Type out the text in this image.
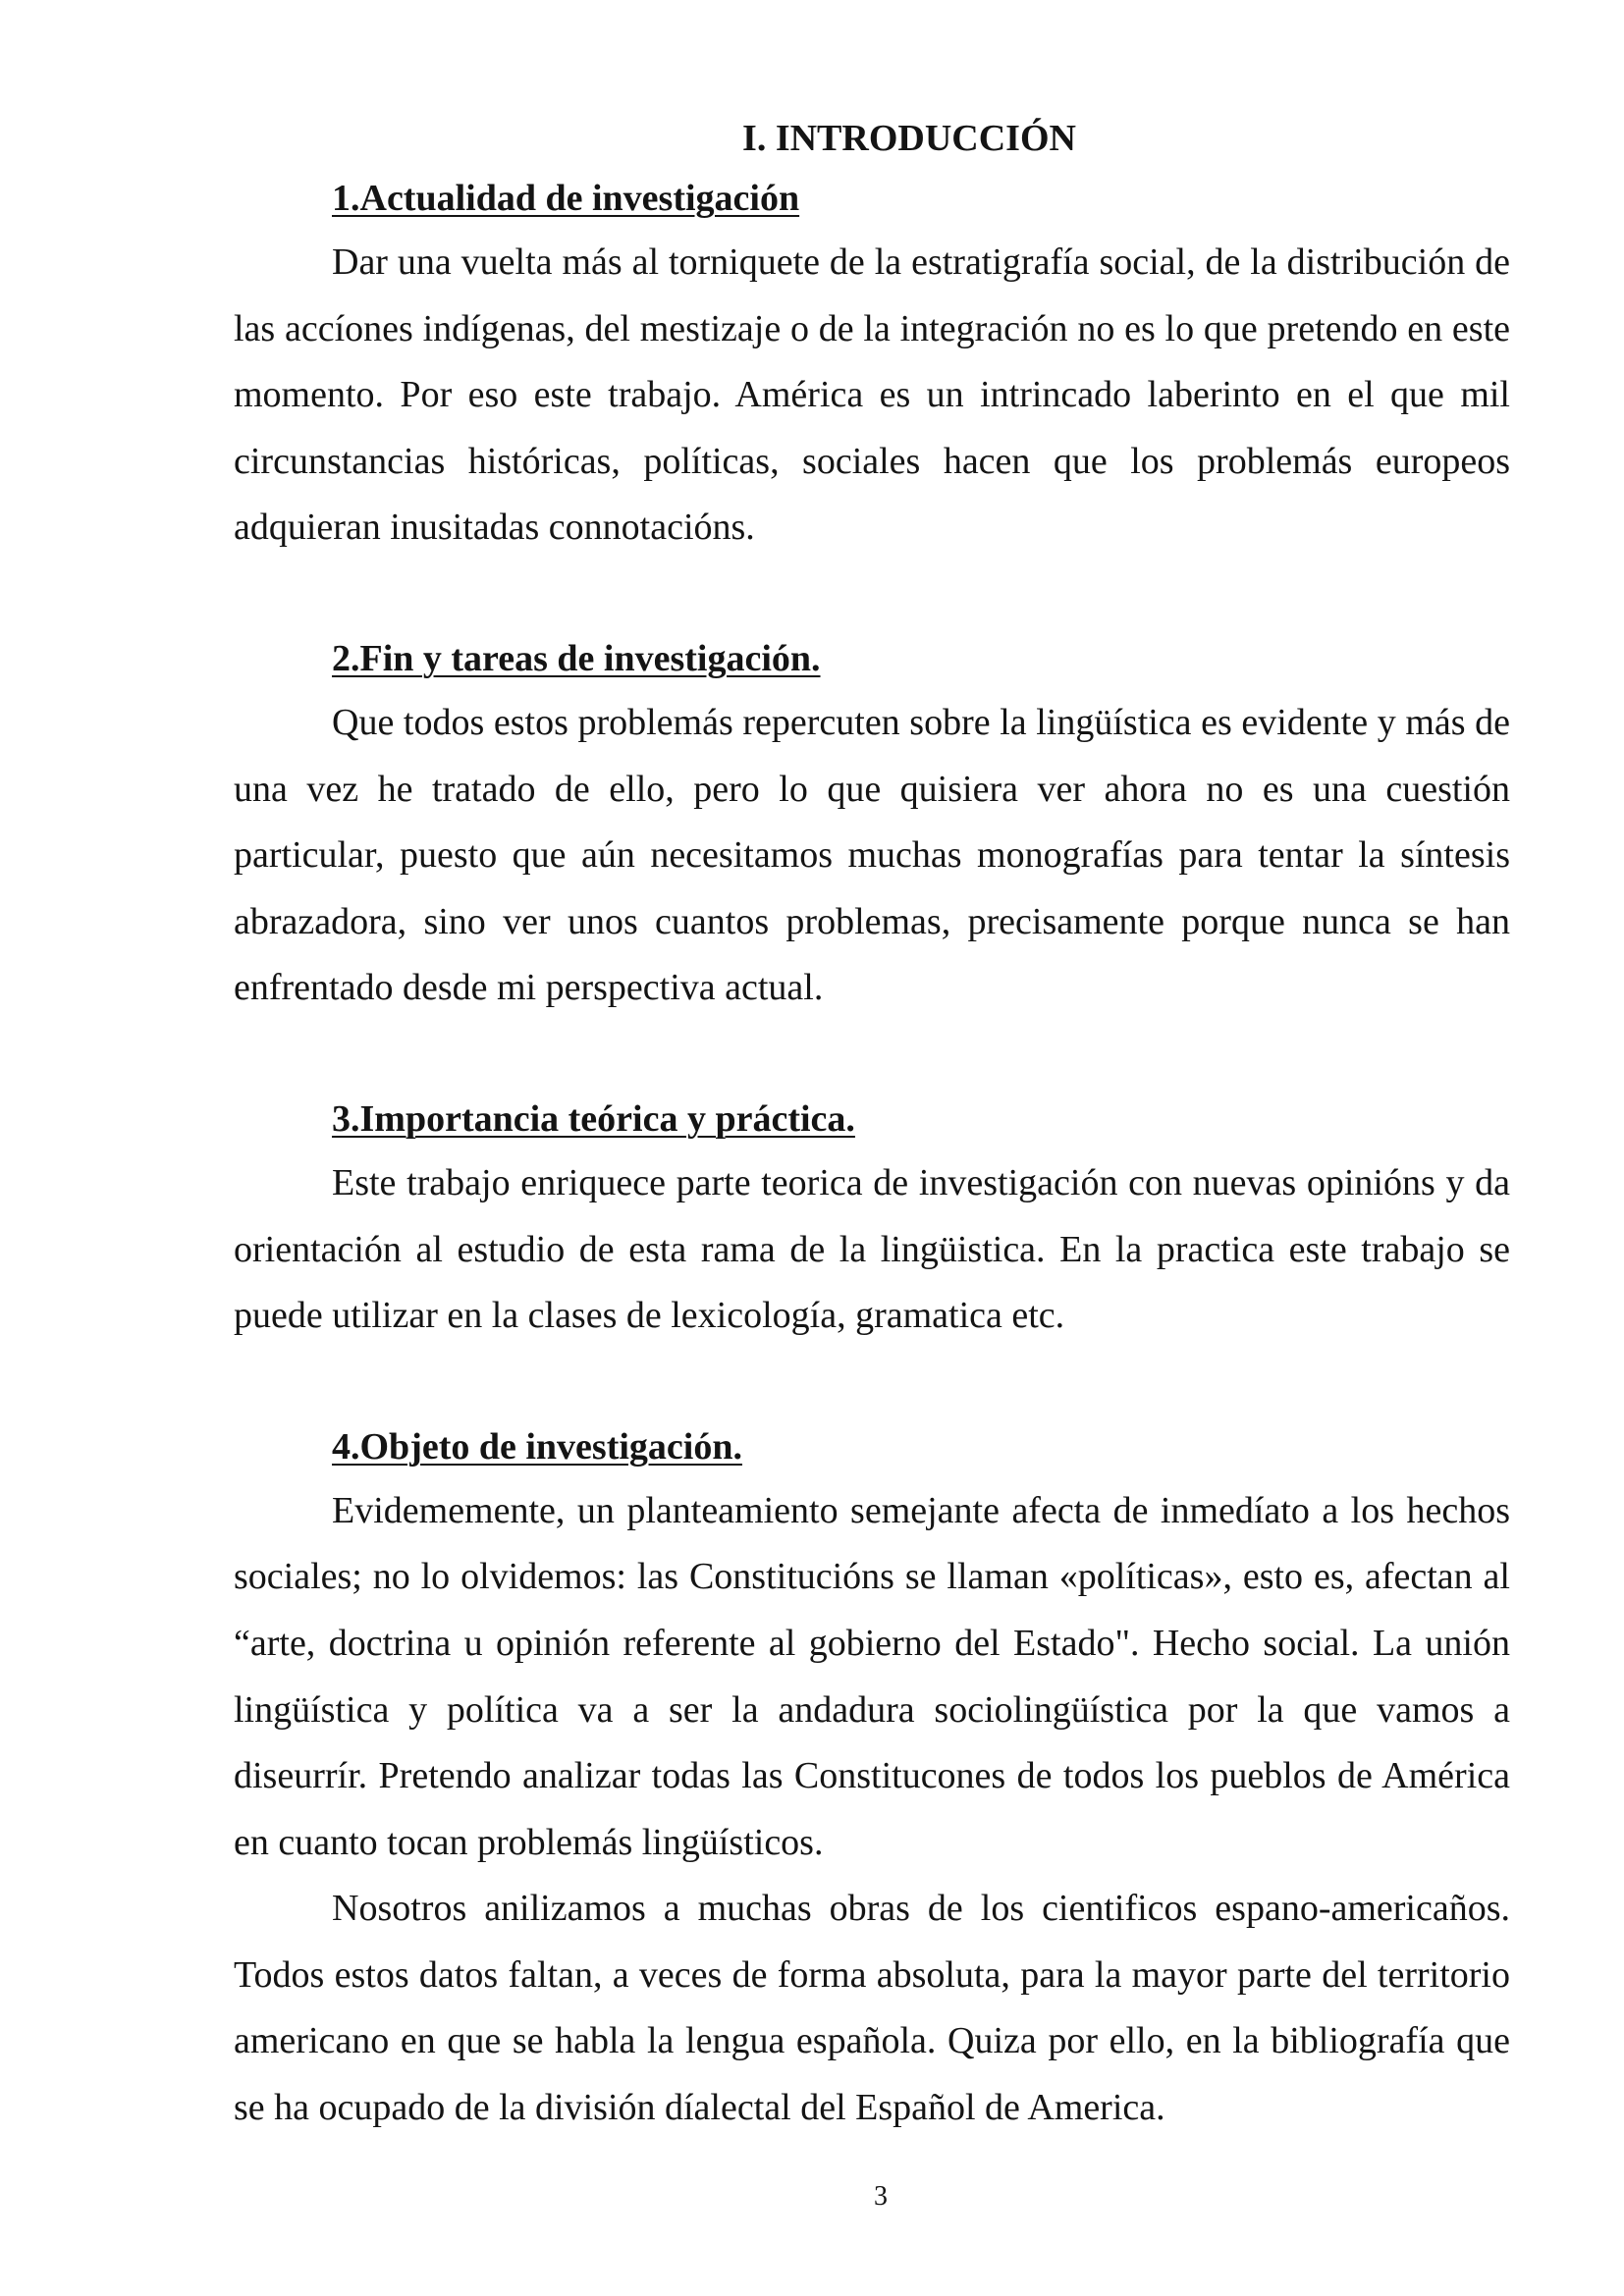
I. INTRODUCCIÓN
1.Actualidad de investigación

Dar una vuelta más al torniquete de la estratigrafía social, de la distribución de las accíones indígenas, del mestizaje o de la integración no es lo que pretendo en este momento. Por eso este trabajo. América es un intrincado laberinto en el que mil circunstancias históricas, políticas, sociales hacen que los problemás europeos adquieran inusitadas connotacións.

2.Fin y tareas de investigación.

Que todos estos problemás repercuten sobre la lingüística es evidente y más de una vez he tratado de ello, pero lo que quisiera ver ahora no es una cuestión particular, puesto que aún necesitamos muchas monografías para tentar la síntesis abrazadora, sino ver unos cuantos problemas, precisamente porque nunca se han enfrentado desde mi perspectiva actual.

3.Importancia teórica y práctica.

Este trabajo enriquece parte teorica de investigación con nuevas opinións y da orientación al estudio de esta rama de la lingüistica. En la practica este trabajo se puede utilizar en la clases de lexicología, gramatica etc.

4.Objeto de investigación.

Evidememente, un planteamiento semejante afecta de inmedíato a los hechos sociales; no lo olvidemos: las Constitucións se llaman «políticas», esto es, afectan al “arte, doctrina u opinión referente al gobierno del Estado". Hecho social. La unión lingüística y política va a ser la andadura sociolingüística por la que vamos a diseurrír. Pretendo analizar todas las Constitucones de todos los pueblos de América en cuanto tocan problemás lingüísticos.

Nosotros anilizamos a muchas obras de los cientificos espano-americaños. Todos estos datos faltan, a veces de forma absoluta, para la mayor parte del territorio americano en que se habla la lengua española. Quiza por ello, en la bibliografía que se ha ocupado de la división díalectal del Español de America.

3
